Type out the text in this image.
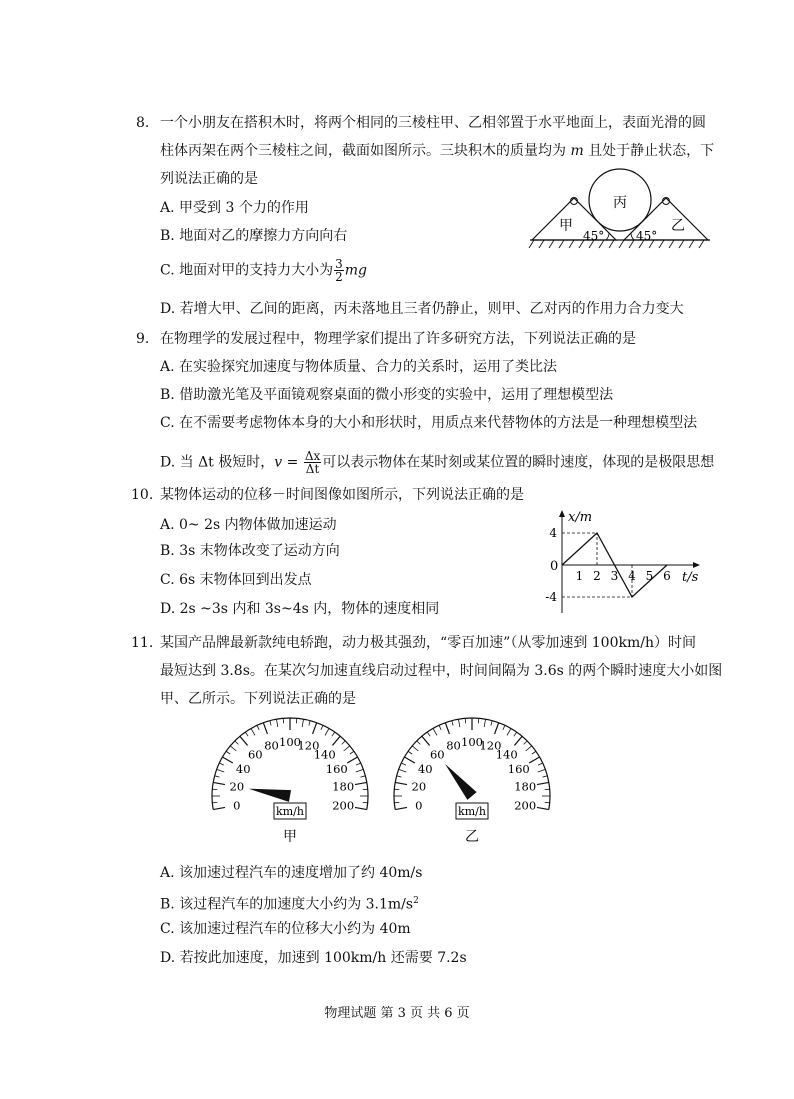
8. 一个小朋友在搭积木时，将两个相同的三棱柱甲、乙相邻置于水平地面上，表面光滑的圆
柱体丙架在两个三棱柱之间，截面如图所示。三块积木的质量均为 m 且处于静止状态，下
列说法正确的是
A. 甲受到 3 个力的作用
B. 地面对乙的摩擦力方向向右
C. 地面对甲的支持力大小为 $\frac{3}{2}$ mg
D. 若增大甲、乙间的距离，丙未落地且三者仍静止，则甲、乙对丙的作用力合力变大
丙
甲	乙
45°	45°
9. 在物理学的发展过程中，物理学家们提出了许多研究方法，下列说法正确的是
A. 在实验探究加速度与物体质量、合力的关系时，运用了类比法
B. 借助激光笔及平面镜观察桌面的微小形变的实验中，运用了理想模型法
C. 在不需要考虑物体本身的大小和形状时，用质点来代替物体的方法是一种理想模型法
D. 当 Δt 极短时，$v = \frac{\Delta x}{\Delta t}$ 可以表示物体在某时刻或某位置的瞬时速度，体现的是极限思想
10. 某物体运动的位移－时间图像如图所示，下列说法正确的是
A. 0~ 2s 内物体做加速运动
B. 3s 末物体改变了运动方向
C. 6s 末物体回到出发点
D. 2s ~3s 内和 3s~4s 内，物体的速度相同
x/m
t/s
0
1 2 3 4 5 6
4
-4
11. 某国产品牌最新款纯电轿跑，动力极其强劲，“零百加速”（从零加速到 100km/h）时间
最短达到 3.8s。在某次匀加速直线启动过程中，时间间隔为 3.6s 的两个瞬时速度大小如图
甲、乙所示。下列说法正确的是
0
20
40
60
80 100
120
140
160
180
200
km/h
甲
0
20
40
60
80 100
120
140
160
180
200
km/h
乙
A. 该加速过程汽车的速度增加了约 40m/s
B. 该过程汽车的加速度大小约为 $3.1m/s^2$
C. 该加速过程汽车的位移大小约为 40m
D. 若按此加速度，加速到 100km/h 还需要 7.2s
物理试题 第 3 页 共 6 页
